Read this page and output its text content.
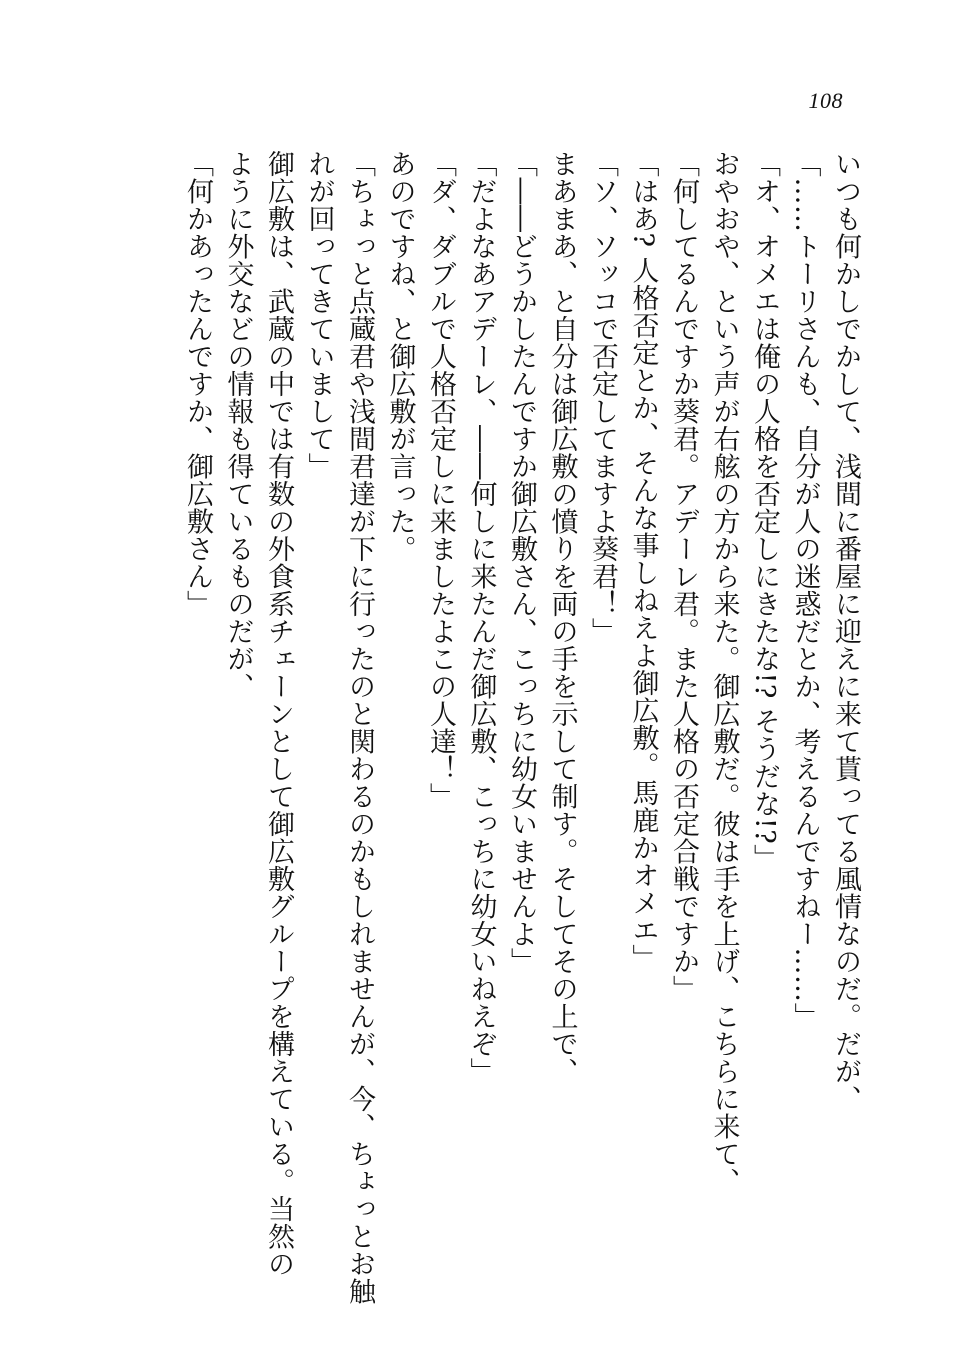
108
いつも何かしでかして、浅間に番屋に迎えに来て貰ってる風情なのだ。だが、
「……トーリさんも、自分が人の迷惑だとか、考えるんですねー……」
「オ、オメエは俺の人格を否定しにきたな!? そうだな!?」
おやおや、という声が右舷の方から来た。御広敷だ。彼は手を上げ、こちらに来て、
「何してるんですか葵君。アデーレ君。また人格の否定合戦ですか」
「はあ? 人格否定とか、そんな事しねえよ御広敷。馬鹿かオメエ」
「ソ、ソッコで否定してますよ葵君！」
まあまあ、と自分は御広敷の憤りを両の手を示して制す。そしてその上で、
「――どうかしたんですか御広敷さん、こっちに幼女いませんよ」
「だよなあアデーレ、――何しに来たんだ御広敷、こっちに幼女いねえぞ」
「ダ、ダブルで人格否定しに来ましたよこの人達！」
あのですね、と御広敷が言った。
「ちょっと点蔵君や浅間君達が下に行ったのと関わるのかもしれませんが、今、ちょっとお触
れが回ってきていまして」
御広敷は、武蔵の中では有数の外食系チェーンとして御広敷グループを構えている。当然の
ように外交などの情報も得ているものだが、
「何かあったんですか、御広敷さん」
